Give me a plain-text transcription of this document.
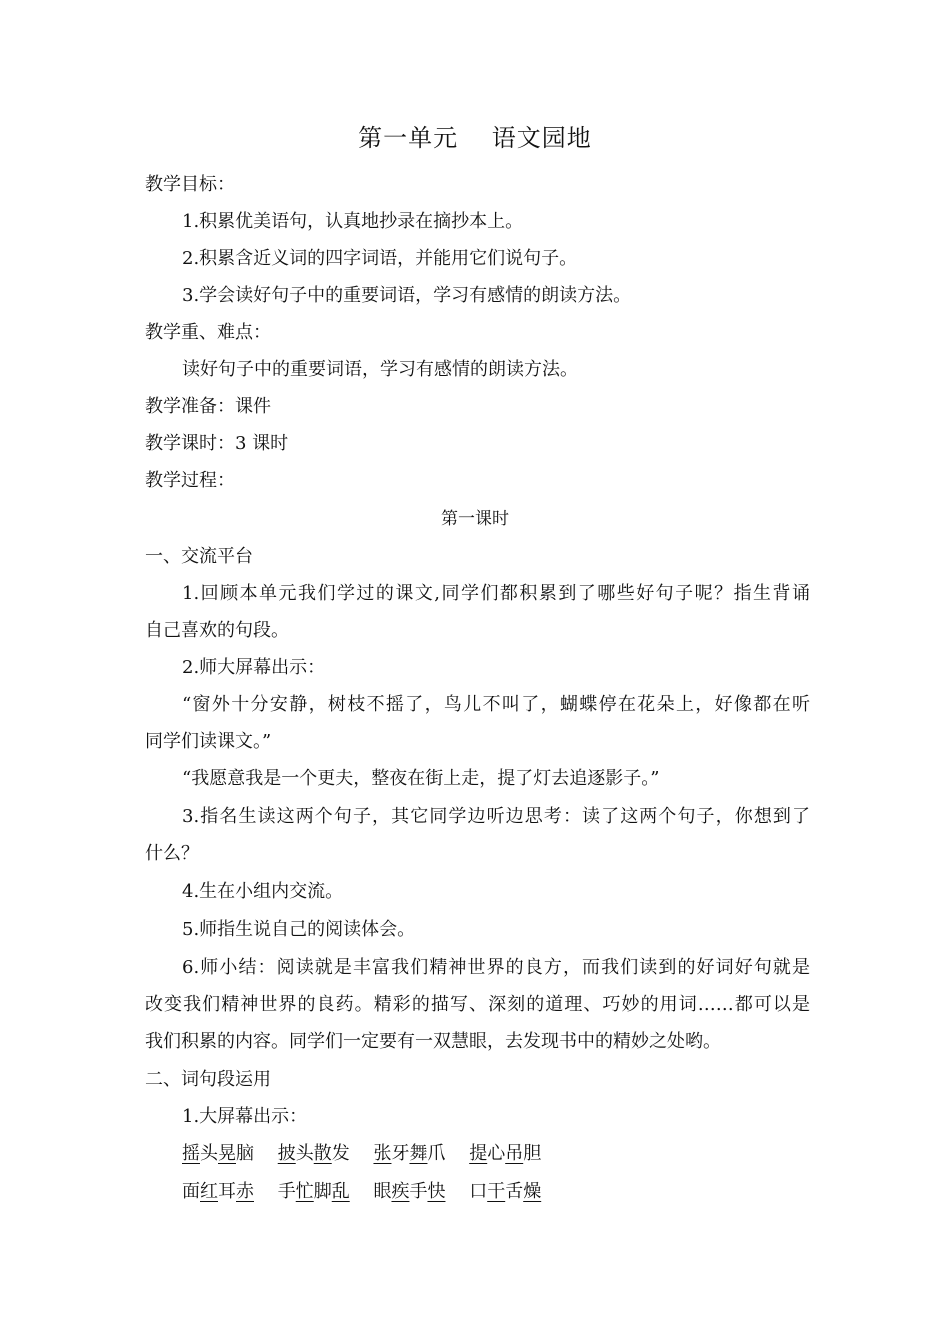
第一单元　 语文园地
教学目标：
1.积累优美语句，认真地抄录在摘抄本上。
2.积累含近义词的四字词语，并能用它们说句子。
3.学会读好句子中的重要词语，学习有感情的朗读方法。
教学重、难点：
读好句子中的重要词语，学习有感情的朗读方法。
教学准备：课件
教学课时：3 课时
教学过程：
第一课时
一、交流平台
1.回顾本单元我们学过的课文,同学们都积累到了哪些好句子呢？指生背诵
自己喜欢的句段。
2.师大屏幕出示：
“窗外十分安静，树枝不摇了，鸟儿不叫了，蝴蝶停在花朵上，好像都在听
同学们读课文。”
“我愿意我是一个更夫，整夜在街上走，提了灯去追逐影子。”
3.指名生读这两个句子，其它同学边听边思考：读了这两个句子，你想到了
什么？
4.生在小组内交流。
5.师指生说自己的阅读体会。
6.师小结：阅读就是丰富我们精神世界的良方，而我们读到的好词好句就是
改变我们精神世界的良药。精彩的描写、深刻的道理、巧妙的用词……都可以是
我们积累的内容。同学们一定要有一双慧眼，去发现书中的精妙之处哟。
二、词句段运用
1.大屏幕出示：
摇头晃脑 披头散发 张牙舞爪 提心吊胆
面红耳赤 手忙脚乱 眼疾手快 口干舌燥
